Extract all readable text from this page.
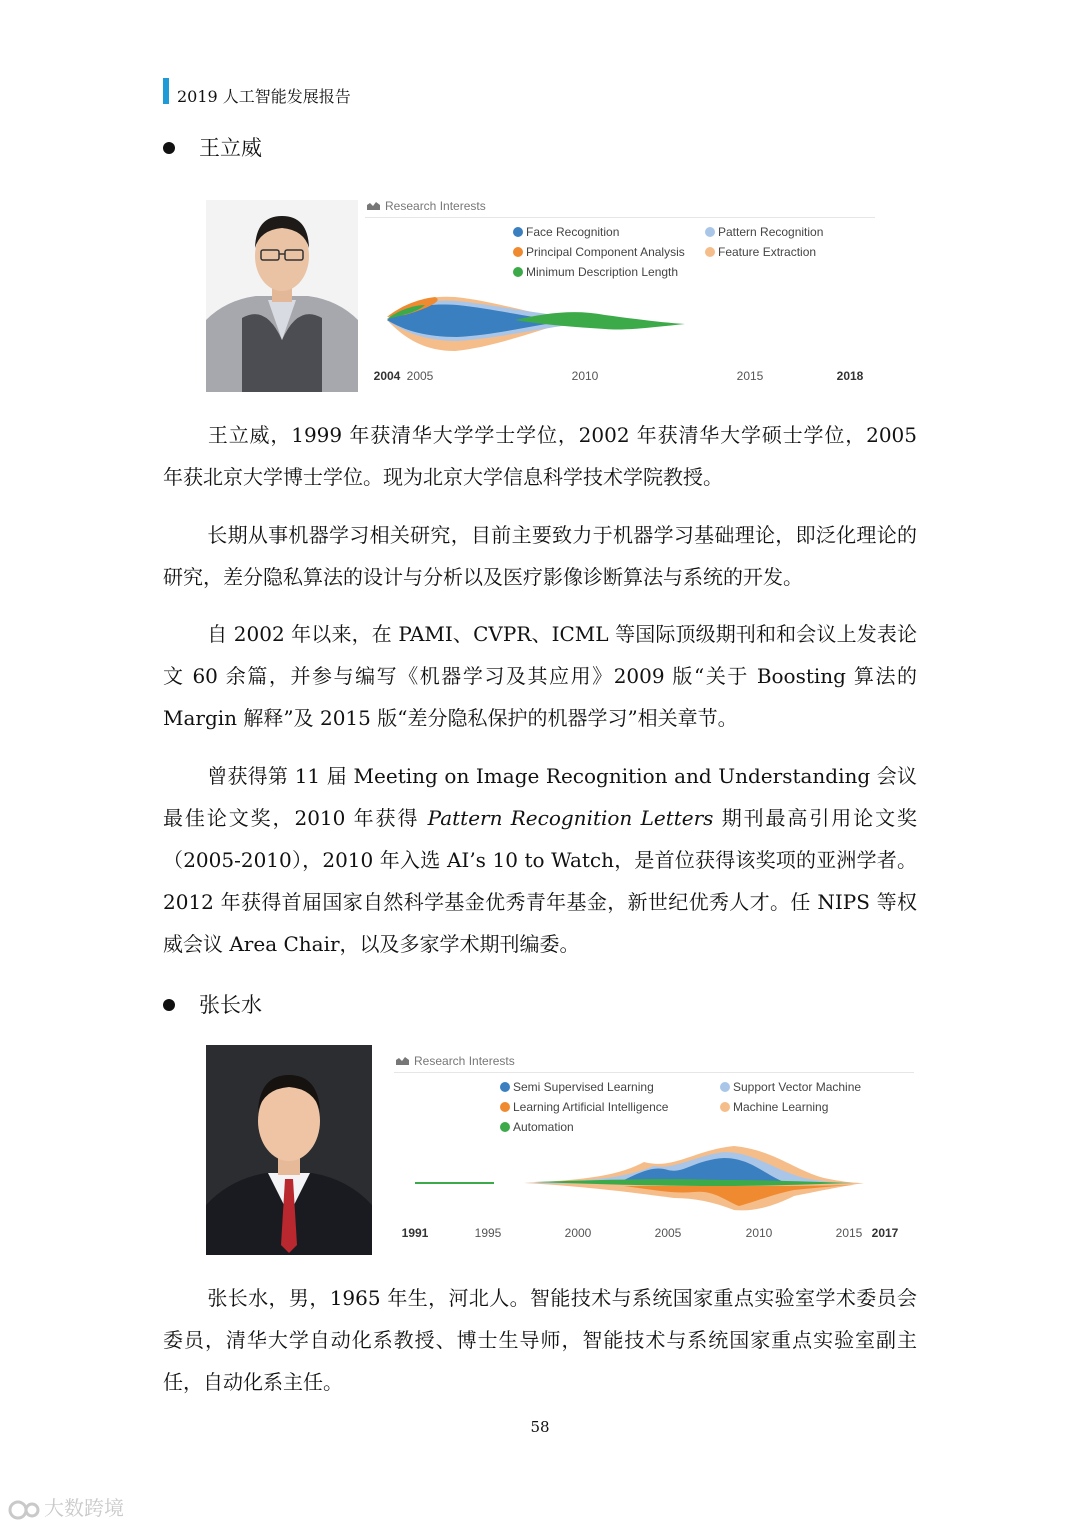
2019 人工智能发展报告
王立威
Research Interests
Face Recognition	Pattern Recognition
Principal Component Analysis	Feature Extraction
Minimum Description Length
2004 2005	2010	2015	2018

王立威，1999 年获清华大学学士学位，2002 年获清华大学硕士学位，2005 年获北京大学博士学位。现为北京大学信息科学技术学院教授。

长期从事机器学习相关研究，目前主要致力于机器学习基础理论，即泛化理论的研究，差分隐私算法的设计与分析以及医疗影像诊断算法与系统的开发。

自 2002 年以来，在 PAMI、CVPR、ICML 等国际顶级期刊和和会议上发表论文 60 余篇，并参与编写《机器学习及其应用》2009 版“关于 Boosting 算法的 Margin 解释”及 2015 版“差分隐私保护的机器学习”相关章节。

曾获得第 11 届 Meeting on Image Recognition and Understanding 会议最佳论文奖，2010 年获得 Pattern Recognition Letters 期刊最高引用论文奖（2005-2010），2010 年入选 AI’s 10 to Watch，是首位获得该奖项的亚洲学者。2012 年获得首届国家自然科学基金优秀青年基金，新世纪优秀人才。任 NIPS 等权威会议 Area Chair，以及多家学术期刊编委。

张长水
Research Interests
Semi Supervised Learning	Support Vector Machine
Learning Artificial Intelligence	Machine Learning
Automation
1991	1995	2000	2005	2010	2015 2017

张长水，男，1965 年生，河北人。智能技术与系统国家重点实验室学术委员会委员，清华大学自动化系教授、博士生导师，智能技术与系统国家重点实验室副主任，自动化系主任。

58
大数跨境
